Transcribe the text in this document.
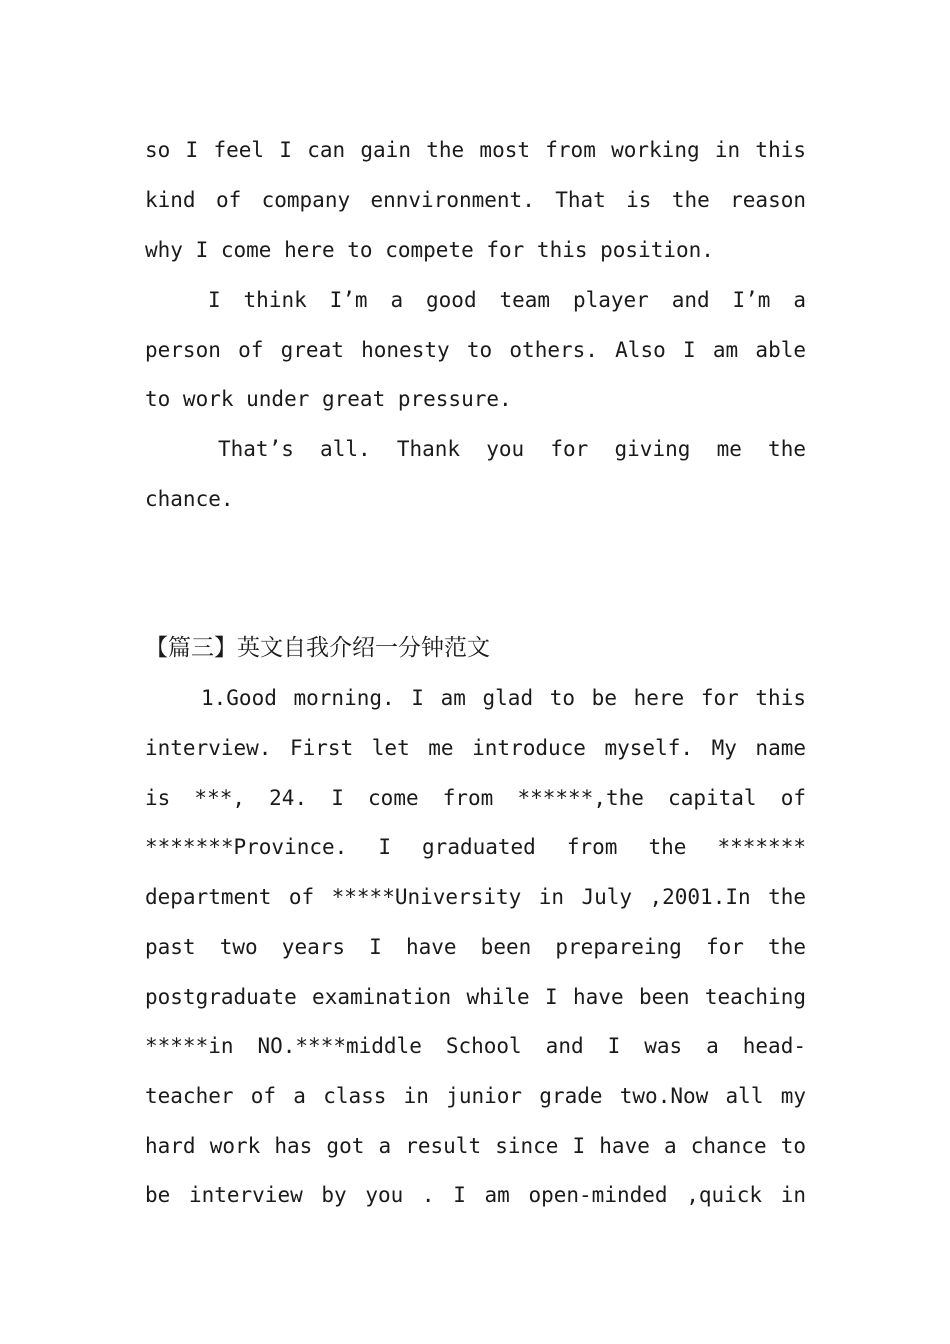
so I feel I can gain the most from working in this
kind of company ennvironment. That is the reason
why I come here to compete for this position.
I think I’m a good team player and I’m a
person of great honesty to others. Also I am able
to work under great pressure.
That’s all. Thank you for giving me the
chance.
【篇三】英文自我介绍一分钟范文
1.Good morning. I am glad to be here for this
interview. First let me introduce myself. My name
is ***, 24. I come from ******,the capital of
*******Province. I graduated from the *******
department of *****University in July ,2001.In the
past two years I have been prepareing for the
postgraduate examination while I have been teaching
*****in NO.****middle School and I was a head-
teacher of a class in junior grade two.Now all my
hard work has got a result since I have a chance to
be interview by you . I am open-minded ,quick in
